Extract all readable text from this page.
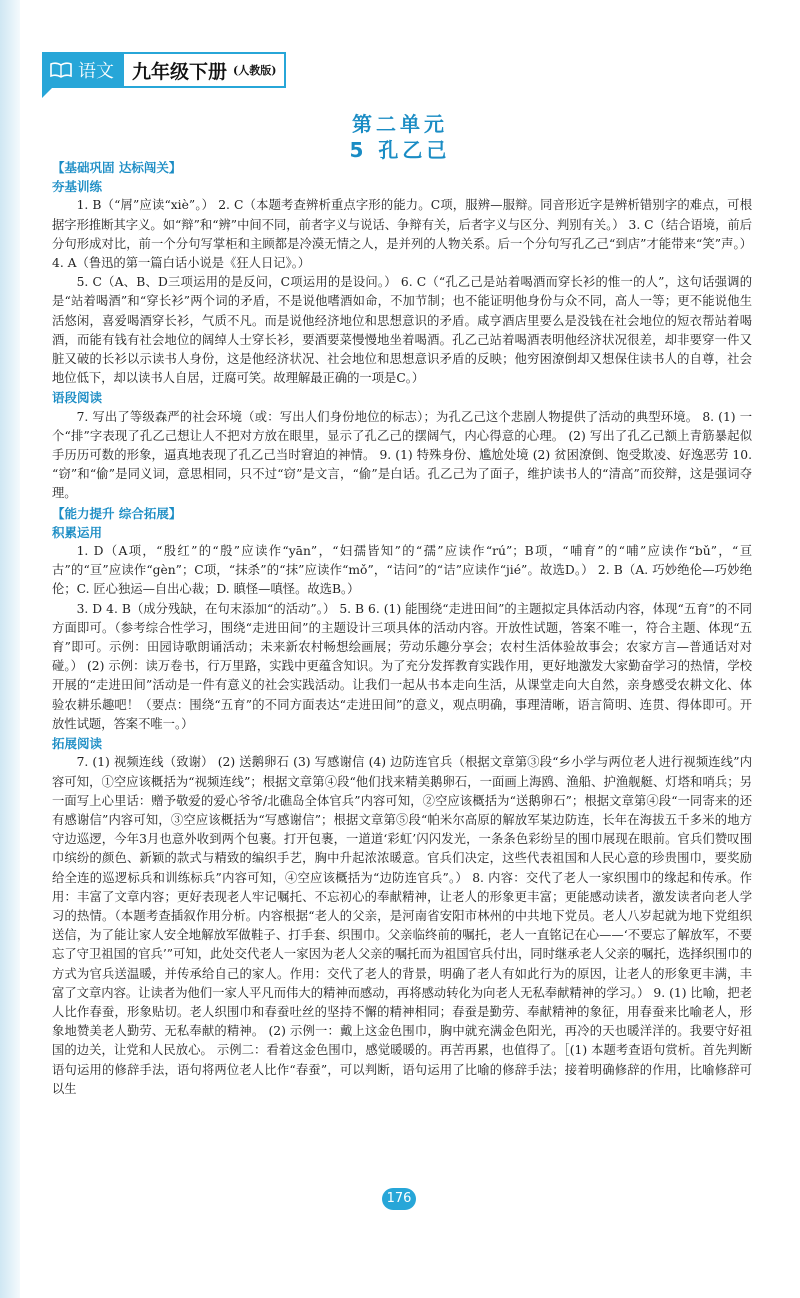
语文 九年级下册 (人教版)
第二单元
5 孔乙己
【基础巩固 达标闯关】
夯基训练

1. B（“屑”应读“xiè”。） 2. C（本题考查辨析重点字形的能力。C项，服辨—服辩。同音形近字是辨析错别字的难点，可根据字形推断其字义。如“辩”和“辨”中间不同，前者字义与说话、争辩有关，后者字义与区分、判别有关。） 3. C（结合语境，前后分句形成对比，前一个分句写掌柜和主顾都是冷漠无情之人，是并列的人物关系。后一个分句写孔乙己“到店”才能带来“笑”声。） 4. A（鲁迅的第一篇白话小说是《狂人日记》。）

5. C（A、B、D三项运用的是反问，C项运用的是设问。） 6. C（“孔乙己是站着喝酒而穿长衫的惟一的人”，这句话强调的是“站着喝酒”和“穿长衫”两个词的矛盾，不是说他嗜酒如命，不加节制；也不能证明他身份与众不同，高人一等；更不能说他生活悠闲，喜爱喝酒穿长衫，气质不凡。而是说他经济地位和思想意识的矛盾。咸亨酒店里要么是没钱在社会地位的短衣帮站着喝酒，而能有钱有社会地位的阔绰人士穿长衫，要酒要菜慢慢地坐着喝酒。孔乙己站着喝酒表明他经济状况很差，却非要穿一件又脏又破的长衫以示读书人身份，这是他经济状况、社会地位和思想意识矛盾的反映；他穷困潦倒却又想保住读书人的自尊，社会地位低下，却以读书人自居，迂腐可笑。故理解最正确的一项是C。）

语段阅读

7. 写出了等级森严的社会环境（或：写出人们身份地位的标志）；为孔乙己这个悲剧人物提供了活动的典型环境。 8. (1) 一个“排”字表现了孔乙己想让人不把对方放在眼里，显示了孔乙己的摆阔气，内心得意的心理。 (2) 写出了孔乙己额上青筋暴起似手历历可数的形象，逼真地表现了孔乙己当时窘迫的神情。 9. (1) 特殊身份、尴尬处境 (2) 贫困潦倒、饱受欺凌、好逸恶劳 10. “窃”和“偷”是同义词，意思相同，只不过“窃”是文言，“偷”是白话。孔乙己为了面子，维护读书人的“清高”而狡辩，这是强词夺理。

【能力提升 综合拓展】
积累运用

1. D（A项，“殷红”的“殷”应读作“yān”，“妇孺皆知”的“孺”应读作“rú”；B项，“哺育”的“哺”应读作“bǔ”，“亘古”的“亘”应读作“gèn”；C项，“抹杀”的“抹”应读作“mǒ”，“诘问”的“诘”应读作“jié”。故选D。） 2. B（A. 巧妙绝伦—巧妙绝伦；C. 匠心独运—自出心裁；D. 瞋怪—嗔怪。故选B。）

3. D 4. B（成分残缺，在句末添加“的活动”。） 5. B 6. (1) 能围绕“走进田间”的主题拟定具体活动内容，体现“五育”的不同方面即可。（参考综合性学习，围绕“走进田间”的主题设计三项具体的活动内容。开放性试题，答案不唯一，符合主题、体现“五育”即可。示例：田园诗歌朗诵活动；未来新农村畅想绘画展；劳动乐趣分享会；农村生活体验故事会；农家方言—普通话对对碰。） (2) 示例：读万卷书，行万里路，实践中更蕴含知识。为了充分发挥教育实践作用，更好地激发大家勤奋学习的热情，学校开展的“走进田间”活动是一件有意义的社会实践活动。让我们一起从书本走向生活，从课堂走向大自然，亲身感受农耕文化、体验农耕乐趣吧！（要点：围绕“五育”的不同方面表达“走进田间”的意义，观点明确，事理清晰，语言简明、连贯、得体即可。开放性试题，答案不唯一。）

拓展阅读

7. (1) 视频连线（致谢） (2) 送鹅卵石 (3) 写感谢信 (4) 边防连官兵（根据文章第③段“乡小学与两位老人进行视频连线”内容可知，①空应该概括为“视频连线”；根据文章第④段“他们找来精美鹅卵石，一面画上海鸥、渔船、护渔舰艇、灯塔和哨兵；另一面写上心里话：赠予敬爱的爱心爷爷/北礁岛全体官兵”内容可知，②空应该概括为“送鹅卵石”；根据文章第④段“一同寄来的还有感谢信”内容可知，③空应该概括为“写感谢信”；根据文章第⑤段“帕米尔高原的解放军某边防连，长年在海拔五千多米的地方守边巡逻，今年3月也意外收到两个包裹。打开包裹，一道道‘彩虹’闪闪发光，一条条色彩纷呈的围巾展现在眼前。官兵们赞叹围巾缤纷的颜色、新颖的款式与精致的编织手艺，胸中升起浓浓暖意。官兵们决定，这些代表祖国和人民心意的珍贵围巾，要奖励给全连的巡逻标兵和训练标兵”内容可知，④空应该概括为“边防连官兵”。） 8. 内容：交代了老人一家织围巾的缘起和传承。作用：丰富了文章内容；更好表现老人牢记嘱托、不忘初心的奉献精神，让老人的形象更丰富；更能感动读者，激发读者向老人学习的热情。（本题考查插叙作用分析。内容根据“老人的父亲，是河南省安阳市林州的中共地下党员。老人八岁起就为地下党组织送信，为了能让家人安全地解放军做鞋子、打手套、织围巾。父亲临终前的嘱托，老人一直铭记在心——‘不要忘了解放军，不要忘了守卫祖国的官兵’”可知，此处交代老人一家因为老人父亲的嘱托而为祖国官兵付出，同时继承老人父亲的嘱托，选择织围巾的方式为官兵送温暖，并传承给自己的家人。作用：交代了老人的背景，明确了老人有如此行为的原因，让老人的形象更丰满，丰富了文章内容。让读者为他们一家人平凡而伟大的精神而感动，再将感动转化为向老人无私奉献精神的学习。） 9. (1) 比喻，把老人比作春蚕，形象贴切。老人织围巾和春蚕吐丝的坚持不懈的精神相同；春蚕是勤劳、奉献精神的象征，用春蚕来比喻老人，形象地赞美老人勤劳、无私奉献的精神。 (2) 示例一：戴上这金色围巾，胸中就充满金色阳光，再冷的天也暖洋洋的。我要守好祖国的边关，让党和人民放心。 示例二：看着这金色围巾，感觉暖暖的。再苦再累，也值得了。［(1) 本题考查语句赏析。首先判断语句运用的修辞手法，语句将两位老人比作“春蚕”，可以判断，语句运用了比喻的修辞手法；接着明确修辞的作用，比喻修辞可以生

176
